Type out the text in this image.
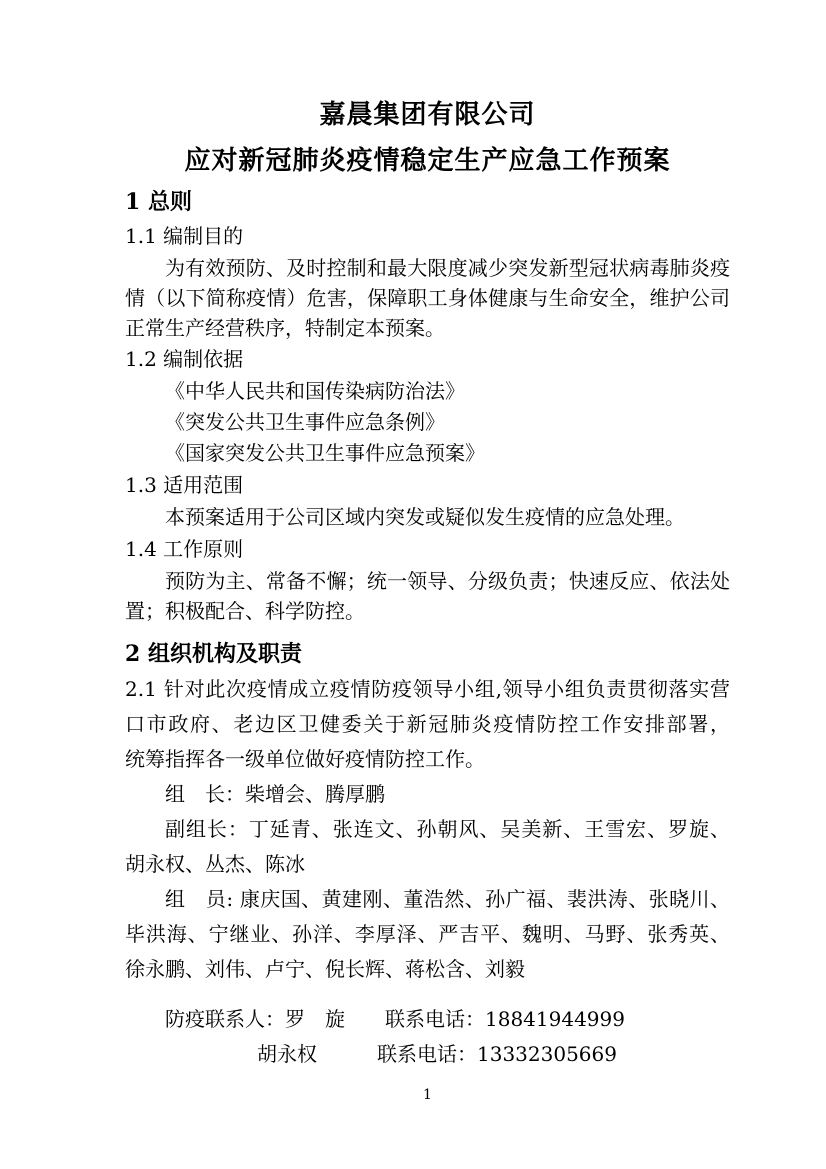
嘉晨集团有限公司
应对新冠肺炎疫情稳定生产应急工作预案
1 总则
1.1 编制目的
为有效预防、及时控制和最大限度减少突发新型冠状病毒肺炎疫
情（以下简称疫情）危害，保障职工身体健康与生命安全，维护公司
正常生产经营秩序，特制定本预案。
1.2 编制依据
《中华人民共和国传染病防治法》
《突发公共卫生事件应急条例》
《国家突发公共卫生事件应急预案》
1.3 适用范围
本预案适用于公司区域内突发或疑似发生疫情的应急处理。
1.4 工作原则
预防为主、常备不懈；统一领导、分级负责；快速反应、依法处
置；积极配合、科学防控。
2 组织机构及职责
2.1 针对此次疫情成立疫情防疫领导小组,领导小组负责贯彻落实营
口市政府、老边区卫健委关于新冠肺炎疫情防控工作安排部署，
统筹指挥各一级单位做好疫情防控工作。
组　长：柴增会、腾厚鹏
副组长：丁延青、张连文、孙朝风、吴美新、王雪宏、罗旋、
胡永权、丛杰、陈冰
组　员: 康庆国、黄建刚、董浩然、孙广福、裴洪涛、张晓川、
毕洪海、宁继业、孙洋、李厚泽、严吉平、魏明、马野、张秀英、
徐永鹏、刘伟、卢宁、倪长辉、蒋松含、刘毅
防疫联系人：罗　旋　　联系电话：18841944999
胡永权　　　联系电话：13332305669
1
